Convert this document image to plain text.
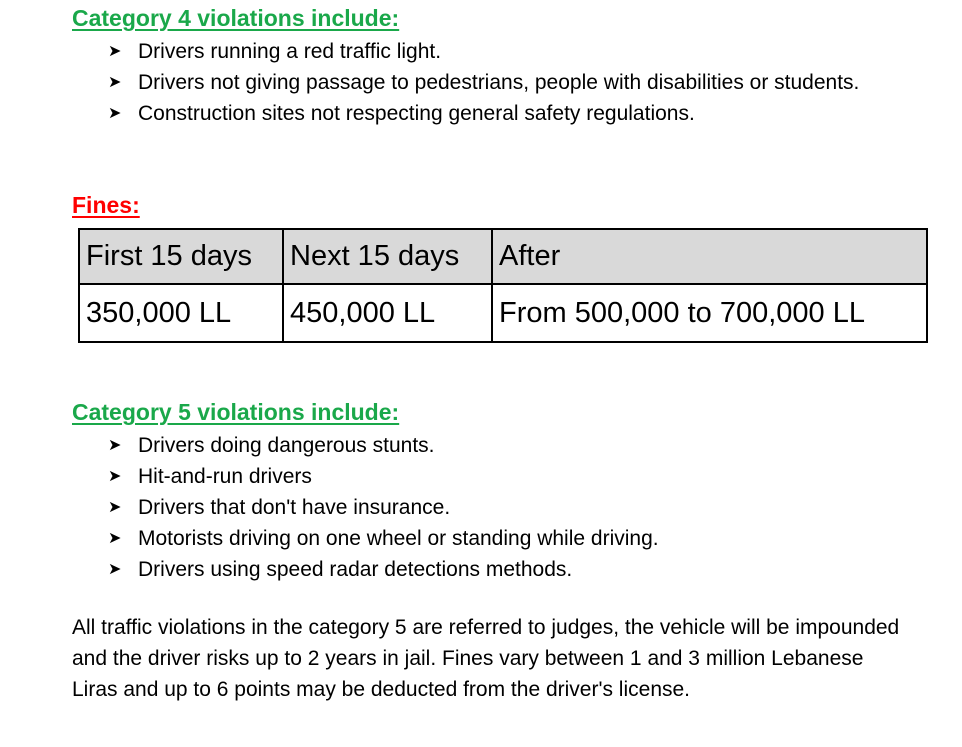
Category 4 violations include:
➤ Drivers running a red traffic light.
➤ Drivers not giving passage to pedestrians, people with disabilities or students.
➤ Construction sites not respecting general safety regulations.
Fines:
First 15 days	Next 15 days	After
350,000 LL	450,000 LL	From 500,000 to 700,000 LL
Category 5 violations include:
➤ Drivers doing dangerous stunts.
➤ Hit-and-run drivers
➤ Drivers that don't have insurance.
➤ Motorists driving on one wheel or standing while driving.
➤ Drivers using speed radar detections methods.

All traffic violations in the category 5 are referred to judges, the vehicle will be impounded and the driver risks up to 2 years in jail. Fines vary between 1 and 3 million Lebanese Liras and up to 6 points may be deducted from the driver's license.
